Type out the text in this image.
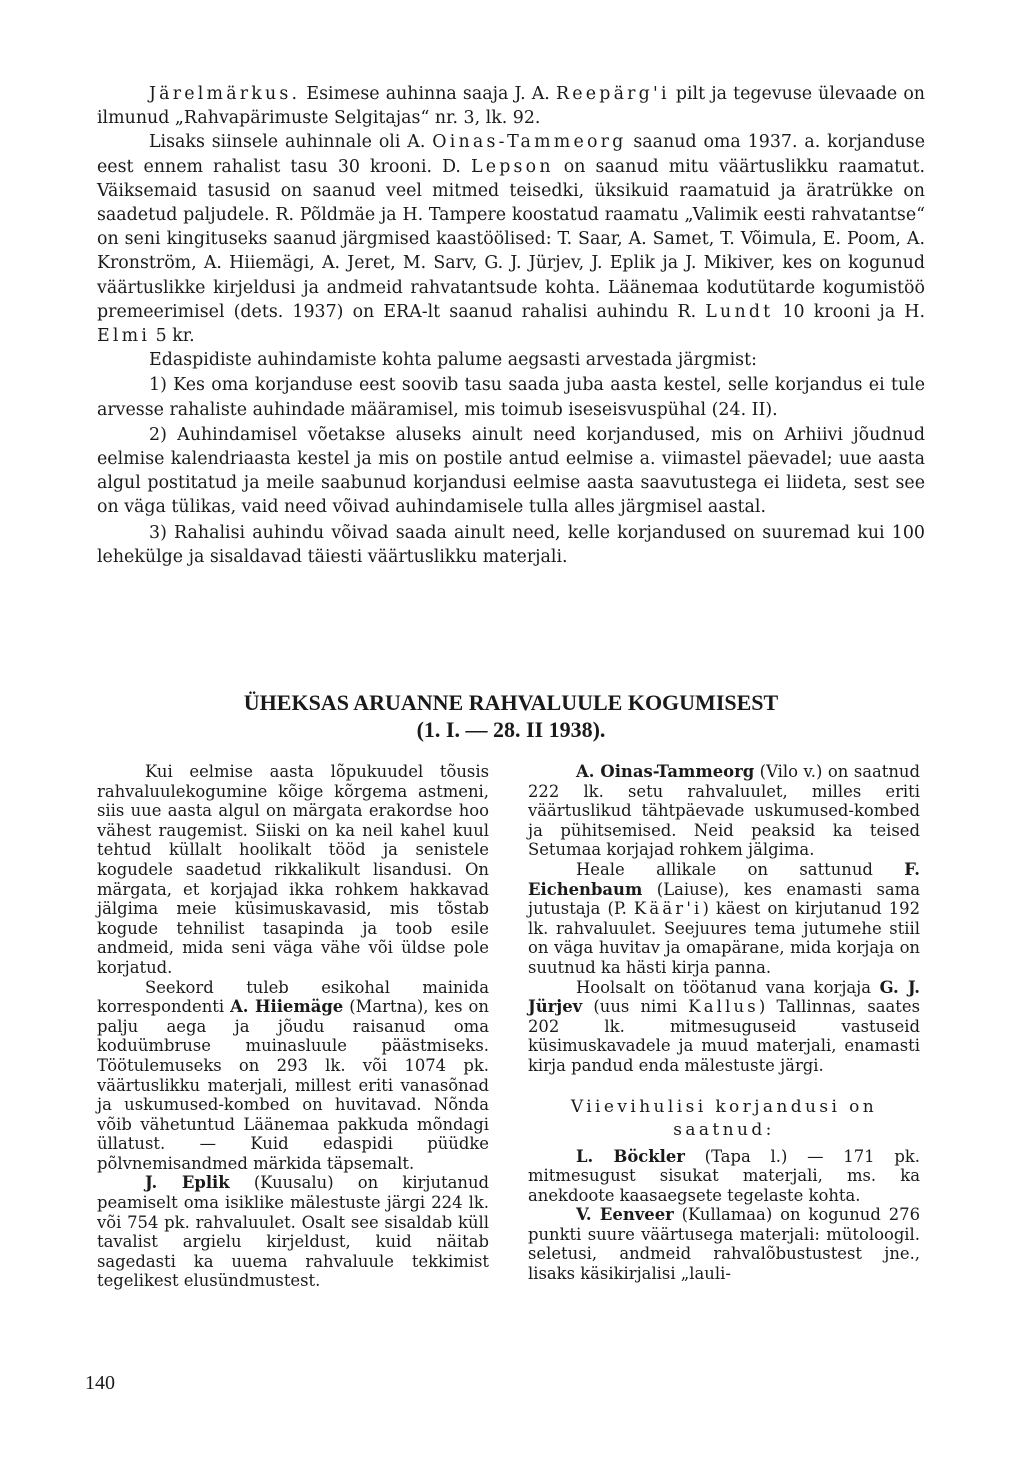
Järelmärkus. Esimese auhinna saaja J. A. Reepärg'i pilt ja tegevuse ülevaade on ilmunud „Rahvapärimuste Selgitajas“ nr. 3, lk. 92.

Lisaks siinsele auhinnale oli A. Oinas-Tammeorg saanud oma 1937. a. korjanduse eest ennem rahalist tasu 30 krooni. D. Lepson on saanud mitu väärtuslikku raamatut. Väiksemaid tasusid on saanud veel mitmed teisedki, üksikuid raamatuid ja äratrükke on saadetud paljudele. R. Põldmäe ja H. Tampere koostatud raamatu „Valimik eesti rahvatantse“ on seni kingituseks saanud järgmised kaastöölised: T. Saar, A. Samet, T. Võimula, E. Poom, A. Kronström, A. Hiiemägi, A. Jeret, M. Sarv, G. J. Jürjev, J. Eplik ja J. Mikiver, kes on kogunud väärtuslikke kirjeldusi ja andmeid rahvatantsude kohta. Läänemaa kodutütarde kogumistöö premeerimisel (dets. 1937) on ERA-lt saanud rahalisi auhindu R. Lundt 10 krooni ja H. Elmi 5 kr.

Edaspidiste auhindamiste kohta palume aegsasti arvestada järgmist:

1) Kes oma korjanduse eest soovib tasu saada juba aasta kestel, selle korjandus ei tule arvesse rahaliste auhindade määramisel, mis toimub iseseisvuspühal (24. II).

2) Auhindamisel võetakse aluseks ainult need korjandused, mis on Arhiivi jõudnud eelmise kalendriaasta kestel ja mis on postile antud eelmise a. viimastel päevadel; uue aasta algul postitatud ja meile saabunud korjandusi eelmise aasta saavutustega ei liideta, sest see on väga tülikas, vaid need võivad auhindamisele tulla alles järgmisel aastal.

3) Rahalisi auhindu võivad saada ainult need, kelle korjandused on suuremad kui 100 lehekülge ja sisaldavad täiesti väärtuslikku materjali.

ÜHEKSAS ARUANNE RAHVALUULE KOGUMISEST
(1. I. — 28. II 1938).

Kui eelmise aasta lõpukuudel tõusis rahvaluulekogumine kõige kõrgema astmeni, siis uue aasta algul on märgata erakordse hoo vähest raugemist. Siiski on ka neil kahel kuul tehtud küllalt hoolikalt tööd ja senistele kogudele saadetud rikkalikult lisandusi. On märgata, et korjajad ikka rohkem hakkavad jälgima meie küsimuskavasid, mis tõstab kogude tehnilist tasapinda ja toob esile andmeid, mida seni väga vähe või üldse pole korjatud.

Seekord tuleb esikohal mainida korrespondenti A. Hiiemäge (Martna), kes on palju aega ja jõudu raisanud oma koduümbruse muinasluule päästmiseks. Töötulemuseks on 293 lk. või 1074 pk. väärtuslikku materjali, millest eriti vanasõnad ja uskumused-kombed on huvitavad. Nõnda võib vähetuntud Läänemaa pakkuda mõndagi üllatust. — Kuid edaspidi püüdke põlvnemisandmed märkida täpsemalt.

J. Eplik (Kuusalu) on kirjutanud peamiselt oma isiklike mälestuste järgi 224 lk. või 754 pk. rahvaluulet. Osalt see sisaldab küll tavalist argielu kirjeldust, kuid näitab sagedasti ka uuema rahvaluule tekkimist tegelikest elusündmustest.

A. Oinas-Tammeorg (Vilo v.) on saatnud 222 lk. setu rahvaluulet, milles eriti väärtuslikud tähtpäevade uskumused-kombed ja pühitsemised. Neid peaksid ka teised Setumaa korjajad rohkem jälgima.

Heale allikale on sattunud F. Eichenbaum (Laiuse), kes enamasti sama jutustaja (P. Käär'i) käest on kirjutanud 192 lk. rahvaluulet. Seejuures tema jutumehe stiil on väga huvitav ja omapärane, mida korjaja on suutnud ka hästi kirja panna.

Hoolsalt on töötanud vana korjaja G. J. Jürjev (uus nimi Kallus) Tallinnas, saates 202 lk. mitmesuguseid vastuseid küsimuskavadele ja muud materjali, enamasti kirja pandud enda mälestuste järgi.

Viievihulisi korjandusi on saatnud:

L. Böckler (Tapa l.) — 171 pk. mitmesugust sisukat materjali, ms. ka anekdoote kaasaegsete tegelaste kohta.

V. Eenveer (Kullamaa) on kogunud 276 punkti suure väärtusega materjali: mütoloogil. seletusi, andmeid rahvalõbustustest jne., lisaks käsikirjalisi „lauli-

140
